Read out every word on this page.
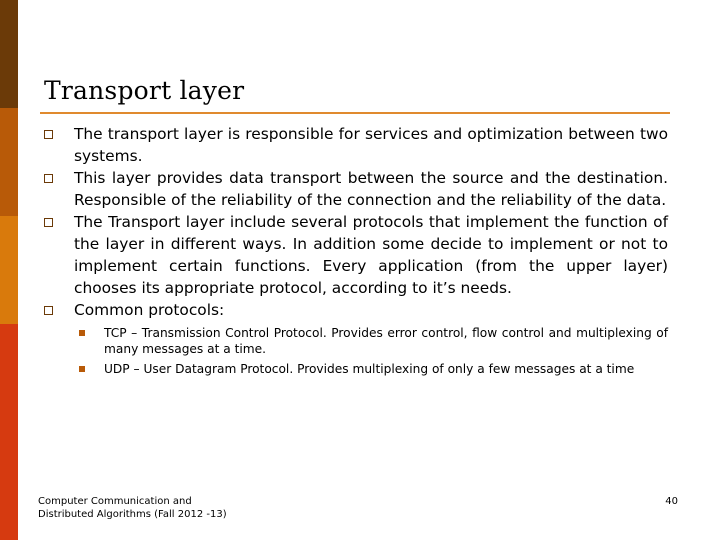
Transport layer
The transport layer is responsible for services and optimization between two systems.
This layer provides data transport between the source and the destination. Responsible of the reliability of the connection and the reliability of the data.
The Transport layer include several protocols that implement the function of the layer in different ways. In addition some decide to implement or not to implement certain functions. Every application (from the upper layer) chooses its appropriate protocol, according to it’s needs.
Common protocols:
TCP – Transmission Control Protocol. Provides error control, flow control and multiplexing of many messages at a time.
UDP – User Datagram Protocol. Provides multiplexing of only a few messages at a time
Computer Communication and Distributed Algorithms (Fall 2012 -13)
40
